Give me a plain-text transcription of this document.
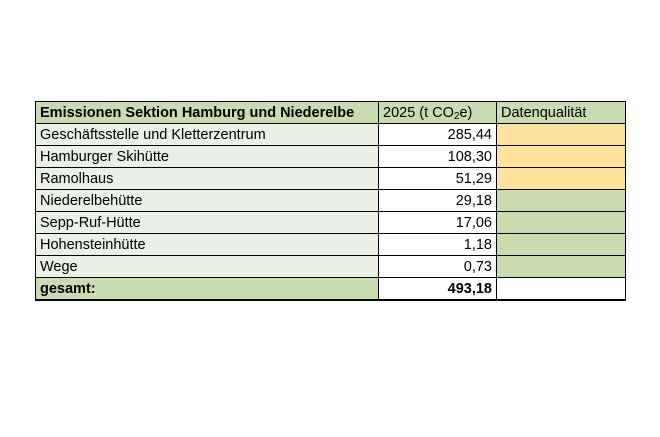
Emissionen Sektion Hamburg und Niederelbe	2025 (t $CO_2e$)	Datenqualität
Geschäftsstelle und Kletterzentrum	285,44	
Hamburger Skihütte	108,30	
Ramolhaus	51,29	
Niederelbehütte	29,18	
Sepp-Ruf-Hütte	17,06	
Hohensteinhütte	1,18	
Wege	0,73	
gesamt:	493,18	
